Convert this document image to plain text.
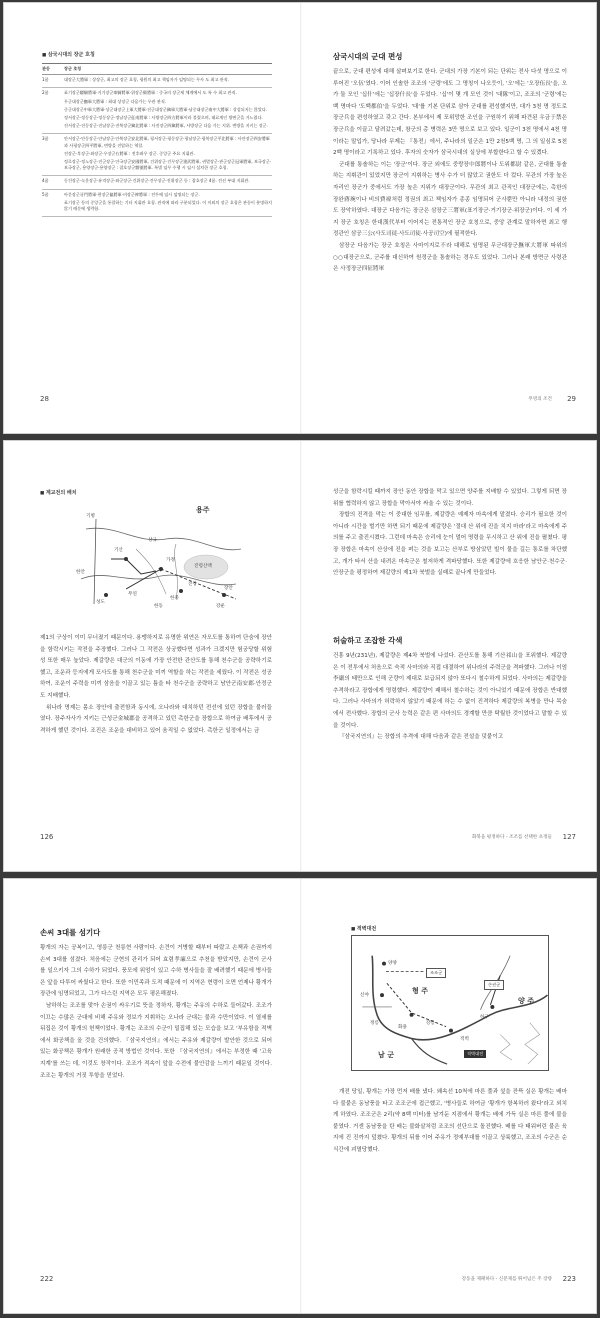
■ 삼국시대의 장군 호칭
관등	장군 호칭
1품	대장군大將軍 : 상장군, 최고의 장군 호칭, 평원의 최고 책임자가 임명되는 무사 도 최고 관직.
2품	표기장군驃騎將軍·거기장군車騎將軍·위장군衛將軍 : 중국의 장군제 체계에서 도 특 수 최고 관직.
무군대장군撫軍大將軍 : 최대 상장군 다음가는 무관 관직.
중군대장군中軍大將軍·상군대장군上軍大將軍·진군대장군鎭軍大將軍·남중대장군南中大將軍 : 상설되지는 않았다.
정서장군·정동장군·정동장군·정남장군征南將軍 : 사방장군四方將軍이라 불렸으며, 태료계인 방면군을 거느렸다.
진서장군·진동장군·진남장군·진북장군鎭北將軍 : 사진장군四鎭將軍, 사방장군 다음 가는 지위. 변방을 지키는 장군.
3품	안서장군·안동장군·안남장군·안북장군安北將軍, 평서장군·평동장군·평남장군·평북장군平北將軍 : 사안장군四安將軍과 사평장군四平將軍, 변방을 진압하는 역할.
전장군·후장군·좌장군·우장군右將軍 : 전후좌우 장군. 중앙군 주요 지휘관.
정로장군·정노장군·진군장군·안국장군安國將軍, 건위장군·건무장군建武將軍, 귀멸장군·관군장군冠軍將軍, 보국장군·보국장군, 용양장군·용양장군 : 잡호장군雜號將軍. 특별 임무 수행 시 임시 설치한 장군 호칭.
4품	동건장군·녹운장군·유격장군·좌군장군·건위장군·건무장군·진위장군 등 : 잡호장군 4품. 전선 부대 지휘관.
5품	아문장군牙門將軍·편장군偏將軍·비장군裨將軍 : 전투에 임시 임명되는 장군.
표기장군 등의 중앙군을 통괄하는 기타 지휘관 호칭. 관직에 따라 구분되었다. 이 이외의 장군 호칭은 관등이 분명하지 않기 때문에 생략함.
28
삼국시대의 군대 편성

끝으로, 군대 편성에 대해 살펴보기로 한다. 군대의 가장 기본이 되는 단위는 전사 다섯 명으로 이루어진 '오伍'였다. 이어 인솔한 조조의 '군령'에도 그 명칭이 나오듯이, '오'에는 '오장伍長'을, 오가 둘 모인 '십什'에는 '십장什長'을 두었다. '십'이 몇 개 모인 것이 '대隊'이고, 조조의 '군령'에는 백 명마다 '도백都伯'을 두었다. '대'를 기본 단위로 삼아 군대를 편성했지만, 대가 3천 명 정도로 장군兵을 편성하였고 갖고 간다. 본부에서 제 포위망한 조인을 구원하기 위해 파견된 우금于禁은 장군兵을 이끌고 달려갔는데, 참군의 총 병력은 3만 명으로 보고 있다. 일군이 3천 명에서 4천 명이라는 말입가, 당나라 무제는 『통전』에서, 주나라의 일군은 1만 2천5백 명, 그 의 일심로 5천2백 명이라고 기록하고 있다. 후자의 숫자가 삼국시대의 실상에 부합한다고 할 수 있겠다.

군대를 통솔하는 이는 '장군'이다. 장군 외에도 중랑장中郎將이나 도위都尉 같은, 군대를 통솔하는 지휘관이 있었지만 장군이 지휘하는 병사 수가 더 많았고 권한도 더 컸다. 무관의 가장 높은 자리인 장군가 중에서도 가장 높은 지위가 대장군이다. 무관의 최고 관직인 대장군에는, 촉한의 장완蔣琬이나 비의費禕처럼 정권의 최고 책임자가 종종 임명되어 군사뿐만 아니라 내정의 권한도 장악하였다. 대장군 다음가는 장군은 삼장군三將軍(표기장군·거기장군·위장군)이다. 이 세 가지 장군 호칭은 한대漢代부터 이어지는 전통적인 장군 호칭으로, 중앙 관계로 말하자면 최고 행정관인 삼공三公(사도司徒·사도司徒·사공司空)에 필적한다.

삼장군 다음가는 장군 호칭은 사마이지로不라 대해로 임명된 무군대장군撫軍大將軍 따위의 ○○대장군으로, 군주를 대신하여 원정군을 통솔하는 경우도 있었다. 그러나 본래 방면군 사령관은 사정장군四征將軍

무영의 조건 29
■ 계교전의 배치
용주
기병
기산
상규
가정
한안
진령산맥
진창
한중
무연
성도
장안
한동	강운

제1의 구상이 이미 무너졌기 때문이다. 용맹하지로 유명한 위연은 자오도를 통하여 단숨에 장안을 함락시키는 작전을 주장했다. 그러나 그 작전은 상궁했다면 성과가 크겠지만 험궁당할 위험성 또한 매우 높았다. 제갈량은 대군의 이동에 가장 안전한 관산도를 통해 천수군을 공략하기로 했고, 조운과 등지에게 포사도를 통해 천수군을 미끼 역할을 하는 작전을 세웠다. 이 작전은 성공하여, 조운이 주력을 미끼 삼음을 이끌고 있는 틈을 타 천수군을 공략하고 남안군南安郡·안정군도 지배했다.

위나라 명제는 몸소 장안에 출전함과 동시에, 오나라와 대치하던 전선에 있던 장합을 불러들였다. 장주자사가 지키는 근성군金城郡을 공격하고 있던 촉한군을 장합으로 하여금 배후에서 공격하게 했던 것이다. 조진은 조운을 대비하고 있어 움직일 수 없었다. 촉한군 일정에서는 금

126

성군을 함락시킬 때까지 장안 동안 장합을 막고 있으면 양주를 지배할 수 있었다. 그렇게 되면 장 위를 협력하지 않고 장합을 막아서야 싸울 수 있는 것이다.

장합의 진격을 막는 이 중대한 임무를, 제갈량은 예제자 마속에게 맡겼다. 승리가 필요한 것이 아니라 시간을 벌기만 하면 되기 때문에 제갈량은 '절대 산 위에 진을 치지 마라'라고 마속에게 주의를 주고 출진시켰다. 그런데 마속은 승리에 눈이 멀어 명령을 무시하고 산 위에 진을 펼쳤다. 평장 장합은 마속이 산상에 진을 펴는 것을 보고는 산부로 방삼았던 빌이 물을 길는 통로를 차단했고, 개가 타서 산을 내려온 마속군은 철저하게 격파당했다. 또한 제갈량에 호응한 남안군·천수군·안장군을 평정하여 제갈량의 제1차 북벌을 실패로 끝나게 만들었다.

허술하고 조잡한 각색

건흥 9년(231년), 제갈량은 제4차 북벌에 나섰다. 관산도를 통해 기산祁山을 포위했다. 제갈량은 이 전투에서 처음으로 숙적 사마의와 직접 대결하여 위나라의 주력군을 격파했다. 그러나 이엄李嚴의 태만으로 인해 군량이 제대로 보급되지 않아 또다시 철수하게 되었다. 사마의는 제갈량을 추격하라고 장합에게 명령했다. 제갈량이 패해서 철수하는 것이 아니었기 때문에 장합은 반대했다. 그러나 사마의가 허락하지 않았기 때문에 하는 수 없이 진격하다 제갈량의 복병을 만나 목숨에서 전사했다. 장합의 군사 능력은 같은 편 사마의도 경계할 만큼 탁월한 것이었다고 말할 수 있을 것이다.

『삼국지연의』는 장합의 추격에 대해 다음과 같은 전설을 덧붙이고

화북을 평정하다 - 조조를 선택한 초정들 127
손씨 3대를 섬기다

황개의 자는 공복이고, 영릉군 천릉현 사람이다. 손견이 거병할 때부터 따랐고 손책과 손권까지 손씨 3대를 섬겼다. 처음에는 군현의 관리가 되어 효렴孝廉으로 추천을 받았지만, 손견이 군사를 일으키자 그의 수하가 되었다. 풍모에 위엄이 있고 수하 병사들을 잘 배려했기 때문에 병사들은 앞을 다투어 싸웠다고 한다. 또한 이민족과 도적 때문에 이 지역은 현령이 오면 언제나 황개가 장관에 임명되었고, 그가 다스린 지역은 모두 평온해졌다.

남하하는 조조를 맞아 손권이 싸우기로 뜻을 정하자, 황개는 주유의 수하로 들어갔다. 조조가 이끄는 수많은 군대에 비해 주유와 정보가 지휘하는 오나라 군대는 불과 수만이었다. 이 열세를 뒤집은 것이 황개의 헌책이었다. 황개는 조조의 수군이 밀집해 있는 모습을 보고 '부유함을 적벽에서 화공책을 올 것을 건의했다. 『삼국지연의』에서는 주유와 제갈량이 발안한 것으로 되어 있는 화공책은 황개가 원래한 공적 방법인 것이다. 또한 『삼국지연의』에서는 부정한 때 '고육지계'를 쓰는 데, 이것도 창작이다. 조조가 적속이 앞을 수전에 불안감을 느끼기 때문일 것이다. 조조는 황개의 거짓 투항을 믿었다.

222
■ 적벽대전
양양
조조군
형 주
신야
손권군
정릉
화용
강릉
하구
적벽
양 주
남 군	적벽대전

개전 당일, 황개는 가장 먼저 배를 냈다. 왜속선 10척에 마른 풀과 섶을 잔뜩 실은 황개는 배마다 불붙은 동남풍을 타고 조조군에 접근했고, '병사들로 하여금 '황개가 항복하러 왔다'라고 외치게 하였다. 조조군은 2리(약 8백 미터)를 남겨둔 지점에서 황개는 배에 가득 실은 마른 풀에 불을 붙였다. 거센 동남풍을 탄 배는 불화살처럼 조조의 선단으로 돌진했다. 배를 다 태워버린 불은 육지에 진 진까지 덮쳤다. 황개의 뒤를 이어 주유가 정예부대를 이끌고 상륙했고, 조조의 수군은 순식간에 괴멸당했다.

강동을 제패하다 - 신분제를 뛰어넘은 주 장량 223
